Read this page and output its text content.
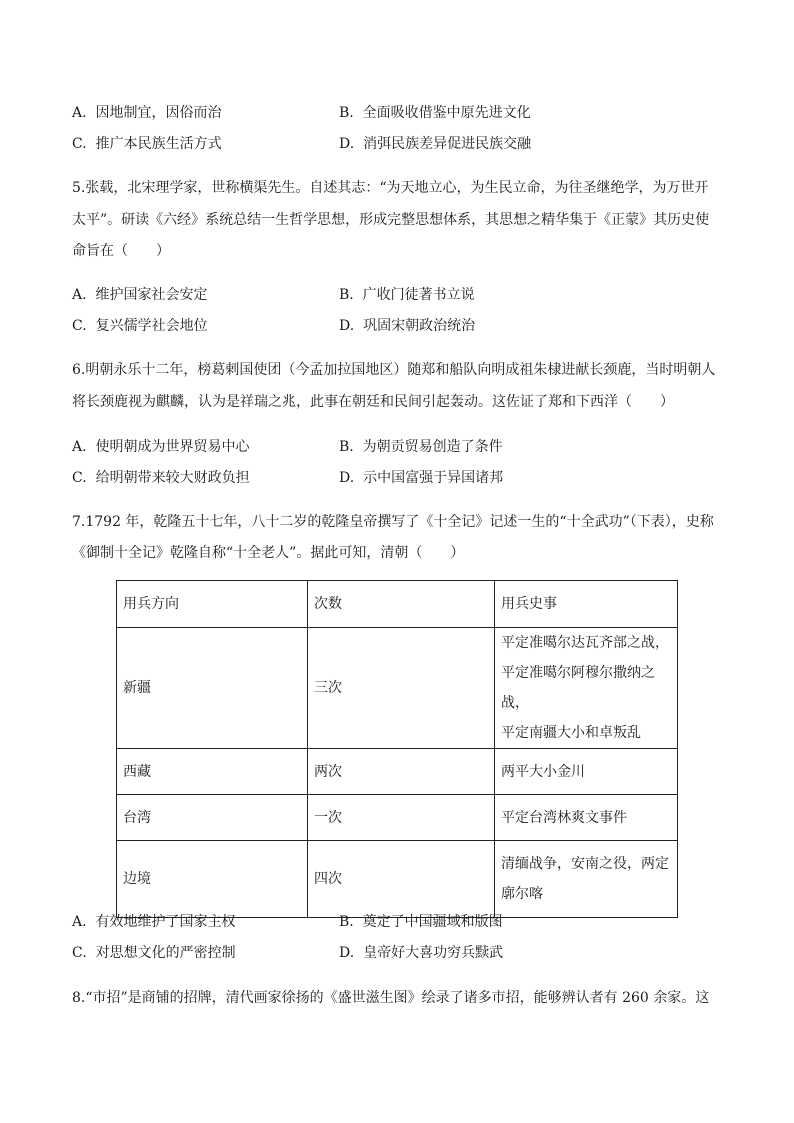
A. 因地制宜，因俗而治	B. 全面吸收借鉴中原先进文化
C. 推广本民族生活方式	D. 消弭民族差异促进民族交融
5.张载，北宋理学家，世称横渠先生。自述其志：“为天地立心，为生民立命，为往圣继绝学，为万世开
太平”。研读《六经》系统总结一生哲学思想，形成完整思想体系，其思想之精华集于《正蒙》其历史使
命旨在（　　）
A. 维护国家社会安定	B. 广收门徒著书立说
C. 复兴儒学社会地位	D. 巩固宋朝政治统治
6.明朝永乐十二年，榜葛剌国使团（今孟加拉国地区）随郑和船队向明成祖朱棣进献长颈鹿，当时明朝人
将长颈鹿视为麒麟，认为是祥瑞之兆，此事在朝廷和民间引起轰动。这佐证了郑和下西洋（　　）
A. 使明朝成为世界贸易中心	B. 为朝贡贸易创造了条件
C. 给明朝带来较大财政负担	D. 示中国富强于异国诸邦
7.1792 年，乾隆五十七年，八十二岁的乾隆皇帝撰写了《十全记》记述一生的“十全武功”（下表），史称
《御制十全记》乾隆自称“十全老人”。据此可知，清朝（　　）
用兵方向	次数	用兵史事
新疆	三次	平定准噶尔达瓦齐部之战，
平定准噶尔阿穆尔撒纳之战，
平定南疆大小和卓叛乱

西藏	两次	两平大小金川

台湾	一次	平定台湾林爽文事件

边境	四次	清缅战争，安南之役，两定
廓尔喀
A. 有效地维护了国家主权	B. 奠定了中国疆域和版图
C. 对思想文化的严密控制	D. 皇帝好大喜功穷兵黩武
8.“市招”是商铺的招牌，清代画家徐扬的《盛世滋生图》绘录了诸多市招，能够辨认者有 260 余家。这
